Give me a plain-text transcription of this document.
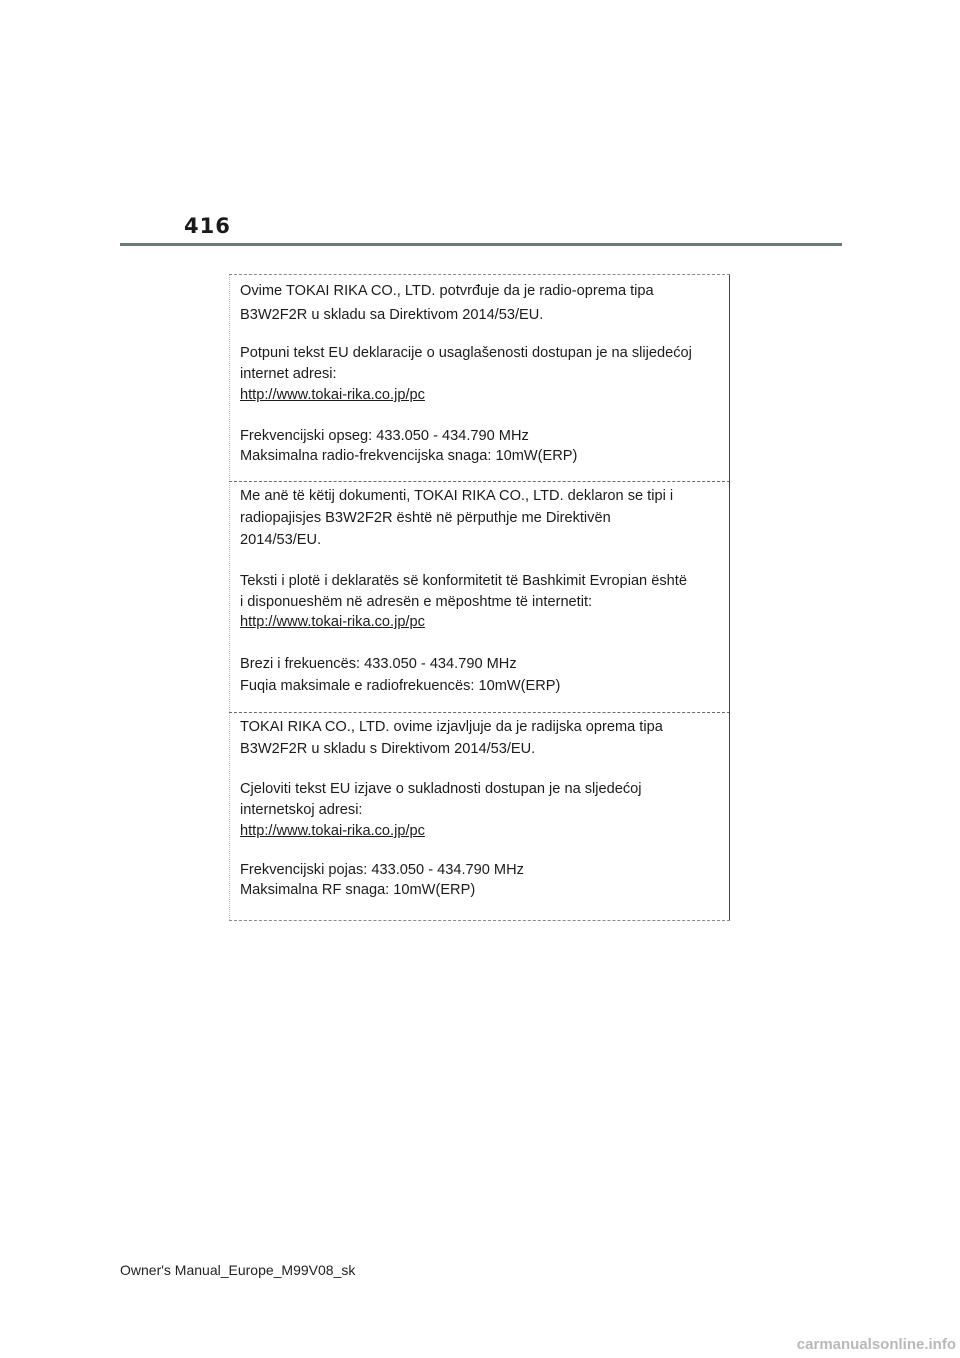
416
Ovime TOKAI RIKA CO., LTD. potvrđuje da je radio-oprema tipa
B3W2F2R u skladu sa Direktivom 2014/53/EU.
Potpuni tekst EU deklaracije o usaglašenosti dostupan je na slijedećoj
internet adresi:
http://www.tokai-rika.co.jp/pc
Frekvencijski opseg: 433.050 - 434.790 MHz
Maksimalna radio-frekvencijska snaga: 10mW(ERP)
Me anë të këtij dokumenti, TOKAI RIKA CO., LTD. deklaron se tipi i
radiopajisjes B3W2F2R është në përputhje me Direktivën
2014/53/EU.
Teksti i plotë i deklaratës së konformitetit të Bashkimit Evropian është
i disponueshëm në adresën e mëposhtme të internetit:
http://www.tokai-rika.co.jp/pc
Brezi i frekuencës: 433.050 - 434.790 MHz
Fuqia maksimale e radiofrekuencës: 10mW(ERP)
TOKAI RIKA CO., LTD. ovime izjavljuje da je radijska oprema tipa
B3W2F2R u skladu s Direktivom 2014/53/EU.
Cjeloviti tekst EU izjave o sukladnosti dostupan je na sljedećoj
internetskoj adresi:
http://www.tokai-rika.co.jp/pc
Frekvencijski pojas: 433.050 - 434.790 MHz
Maksimalna RF snaga: 10mW(ERP)
Owner's Manual_Europe_M99V08_sk
carmanualsonline.info
